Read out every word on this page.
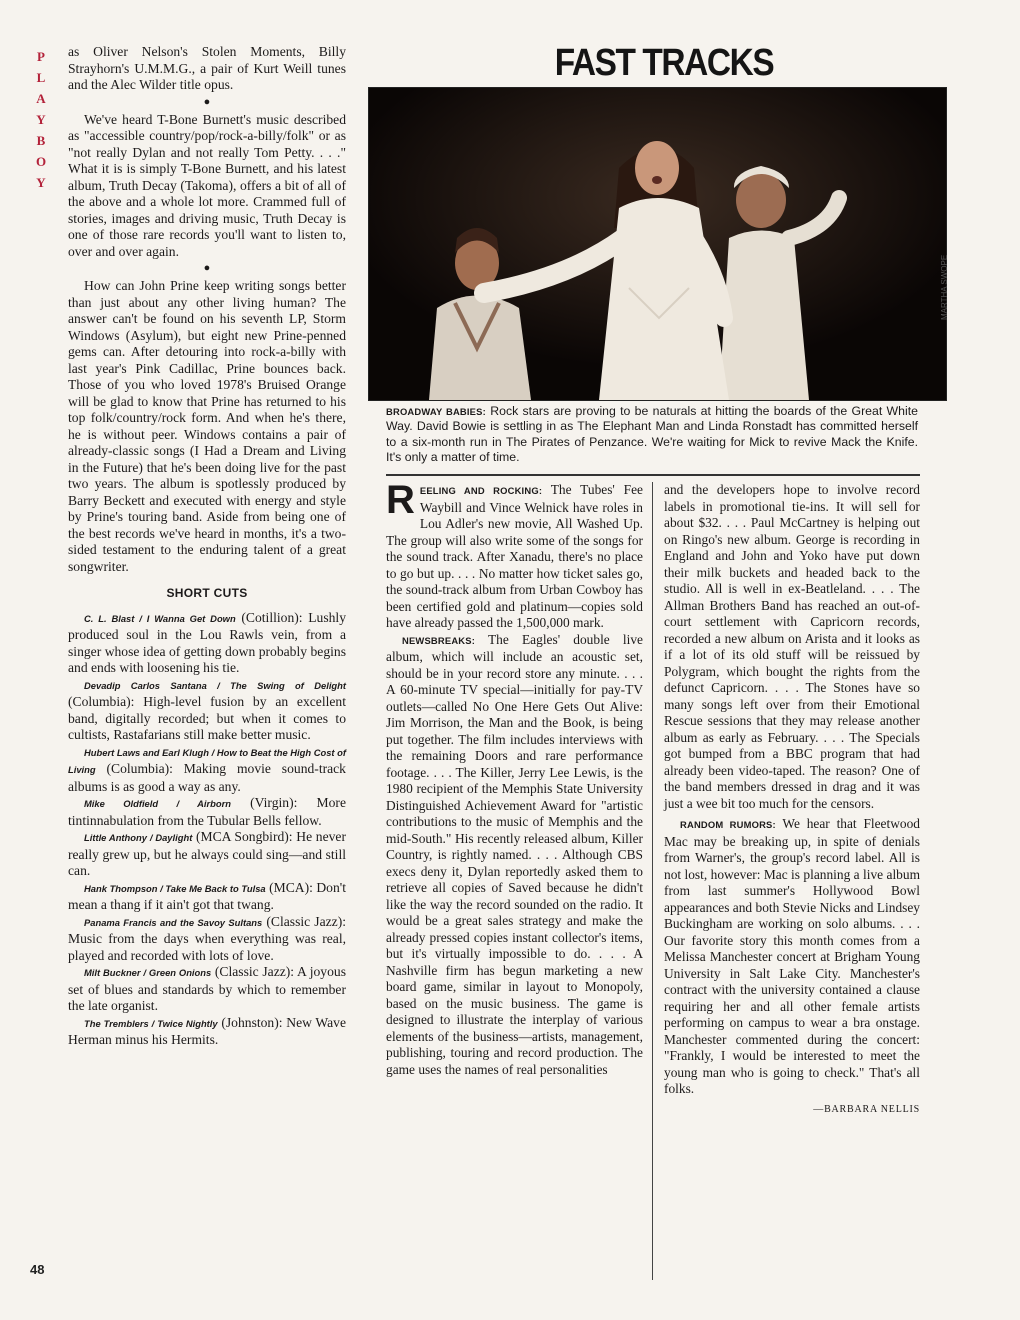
P
L
A
Y
B
O
Y
48

as Oliver Nelson's Stolen Moments, Billy Strayhorn's U.M.M.G., a pair of Kurt Weill tunes and the Alec Wilder title opus.

●

We've heard T-Bone Burnett's music described as "accessible country/pop/rock-a-billy/folk" or as "not really Dylan and not really Tom Petty. . . ." What it is is simply T-Bone Burnett, and his latest album, Truth Decay (Takoma), offers a bit of all of the above and a whole lot more. Crammed full of stories, images and driving music, Truth Decay is one of those rare records you'll want to listen to, over and over again.

●

How can John Prine keep writing songs better than just about any other living human? The answer can't be found on his seventh LP, Storm Windows (Asylum), but eight new Prine-penned gems can. After detouring into rock-a-billy with last year's Pink Cadillac, Prine bounces back. Those of you who loved 1978's Bruised Orange will be glad to know that Prine has returned to his top folk/country/rock form. And when he's there, he is without peer. Windows contains a pair of already-classic songs (I Had a Dream and Living in the Future) that he's been doing live for the past two years. The album is spotlessly produced by Barry Beckett and executed with energy and style by Prine's touring band. Aside from being one of the best records we've heard in months, it's a two-sided testament to the enduring talent of a great songwriter.

SHORT CUTS

C. L. Blast / I Wanna Get Down (Cotillion): Lushly produced soul in the Lou Rawls vein, from a singer whose idea of getting down probably begins and ends with loosening his tie.

Devadip Carlos Santana / The Swing of Delight (Columbia): High-level fusion by an excellent band, digitally recorded; but when it comes to cultists, Rastafarians still make better music.

Hubert Laws and Earl Klugh / How to Beat the High Cost of Living (Columbia): Making movie sound-track albums is as good a way as any.

Mike Oldfield / Airborn (Virgin): More tintinnabulation from the Tubular Bells fellow.

Little Anthony / Daylight (MCA Songbird): He never really grew up, but he always could sing—and still can.

Hank Thompson / Take Me Back to Tulsa (MCA): Don't mean a thang if it ain't got that twang.

Panama Francis and the Savoy Sultans (Classic Jazz): Music from the days when everything was real, played and recorded with lots of love.

Milt Buckner / Green Onions (Classic Jazz): A joyous set of blues and standards by which to remember the late organist.

The Tremblers / Twice Nightly (Johnston): New Wave Herman minus his Hermits.

FAST TRACKS
MARTHA SWOPE
BROADWAY BABIES: Rock stars are proving to be naturals at hitting the boards of the Great White Way. David Bowie is settling in as The Elephant Man and Linda Ronstadt has committed herself to a six-month run in The Pirates of Penzance. We're waiting for Mick to revive Mack the Knife. It's only a matter of time.

R EELING AND ROCKING: The Tubes' Fee Waybill and Vince Welnick have roles in Lou Adler's new movie, All Washed Up. The group will also write some of the songs for the sound track. After Xanadu, there's no place to go but up. . . . No matter how ticket sales go, the sound-track album from Urban Cowboy has been certified gold and platinum—copies sold have already passed the 1,500,000 mark.

NEWSBREAKS: The Eagles' double live album, which will include an acoustic set, should be in your record store any minute. . . . A 60-minute TV special—initially for pay-TV outlets—called No One Here Gets Out Alive: Jim Morrison, the Man and the Book, is being put together. The film includes interviews with the remaining Doors and rare performance footage. . . . The Killer, Jerry Lee Lewis, is the 1980 recipient of the Memphis State University Distinguished Achievement Award for "artistic contributions to the music of Memphis and the mid-South." His recently released album, Killer Country, is rightly named. . . . Although CBS execs deny it, Dylan reportedly asked them to retrieve all copies of Saved because he didn't like the way the record sounded on the radio. It would be a great sales strategy and make the already pressed copies instant collector's items, but it's virtually impossible to do. . . . A Nashville firm has begun marketing a new board game, similar in layout to Monopoly, based on the music business. The game is designed to illustrate the interplay of various elements of the business—artists, management, publishing, touring and record production. The game uses the names of real personalities

and the developers hope to involve record labels in promotional tie-ins. It will sell for about $32. . . . Paul McCartney is helping out on Ringo's new album. George is recording in England and John and Yoko have put down their milk buckets and headed back to the studio. All is well in ex-Beatleland. . . . The Allman Brothers Band has reached an out-of-court settlement with Capricorn records, recorded a new album on Arista and it looks as if a lot of its old stuff will be reissued by Polygram, which bought the rights from the defunct Capricorn. . . . The Stones have so many songs left over from their Emotional Rescue sessions that they may release another album as early as February. . . . The Specials got bumped from a BBC program that had already been video-taped. The reason? One of the band members dressed in drag and it was just a wee bit too much for the censors.

RANDOM RUMORS: We hear that Fleetwood Mac may be breaking up, in spite of denials from Warner's, the group's record label. All is not lost, however: Mac is planning a live album from last summer's Hollywood Bowl appearances and both Stevie Nicks and Lindsey Buckingham are working on solo albums. . . . Our favorite story this month comes from a Melissa Manchester concert at Brigham Young University in Salt Lake City. Manchester's contract with the university contained a clause requiring her and all other female artists performing on campus to wear a bra onstage. Manchester commented during the concert: "Frankly, I would be interested to meet the young man who is going to check." That's all folks.

—BARBARA NELLIS
